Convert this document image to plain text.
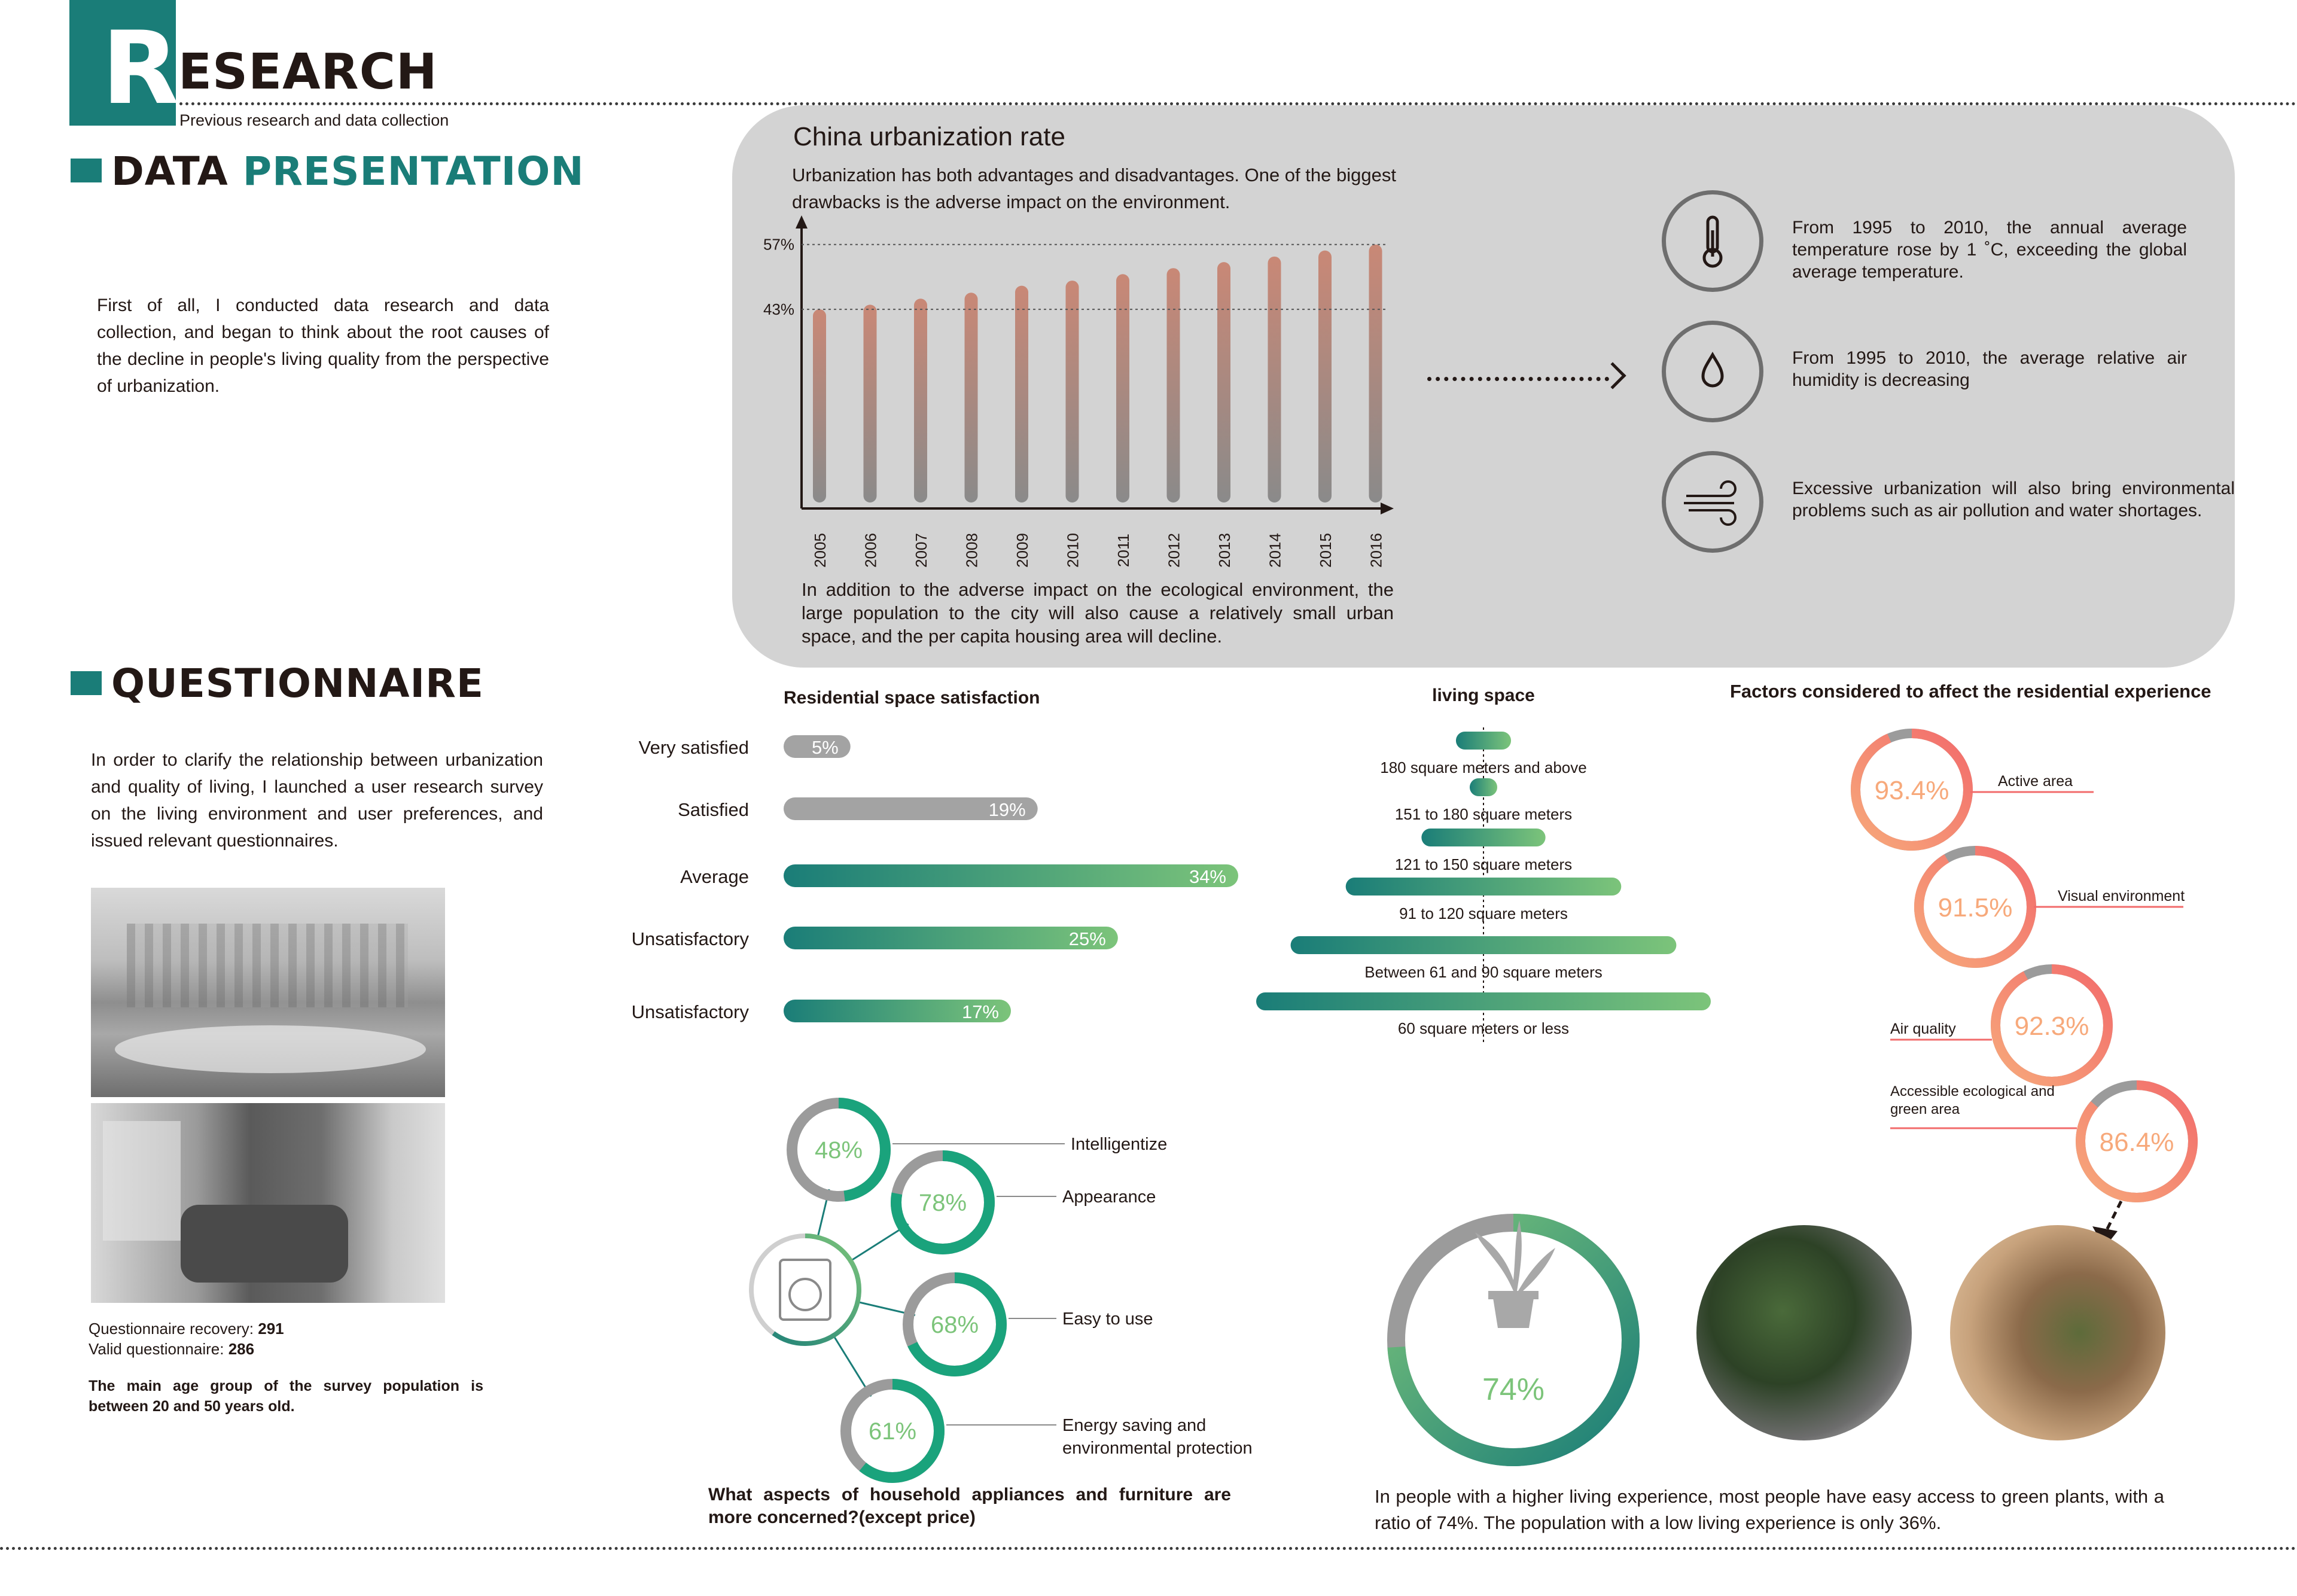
R
ESEARCH
Previous research and data collection
DATA PRESENTATION
First of all, I conducted data research and data collection, and began to think about the root causes of the decline in people's living quality from the perspective of urbanization.
QUESTIONNAIRE
In order to clarify the relationship between urbanization and quality of living, I launched a user research survey on the living environment and user preferences, and issued relevant questionnaires.
Questionnaire recovery: 291
Valid questionnaire: 286
The main age group of the survey population is between 20 and 50 years old.
China urbanization rate
Urbanization has both advantages and disadvantages. One of the biggest drawbacks is the adverse impact on the environment.
57%
43%
2005 2006 2007 2008 2009 2010 2011 2012 2013 2014 2015 2016
In addition to the adverse impact on the ecological environment, the large population to the city will also cause a relatively small urban space, and the per capita housing area will decline.
From 1995 to 2010, the annual average temperature rose by 1 ˚C, exceeding the global average temperature.
From 1995 to 2010, the average relative air humidity is decreasing
Excessive urbanization will also bring environmental problems such as air pollution and water shortages.
Residential space satisfaction
Very satisfied	5%
Satisfied	19%
Average	34%
Unsatisfactory	25%
Unsatisfactory	17%
living space
180 square meters and above
151 to 180 square meters
121 to 150 square meters
91 to 120 square meters
Between 61 and 90 square meters
60 square meters or less
Factors considered to affect the residential experience
93.4%	Active area
91.5%	Visual environment
92.3%
Air quality
86.4%
Accessible ecological and
green area
48%	Intelligentize
78%	Appearance
68%	Easy to use
61%	Energy saving and
environmental protection
What aspects of household appliances and furniture are more concerned?(except price)
74%
In people with a higher living experience, most people have easy access to green plants, with a ratio of 74%. The population with a low living experience is only 36%.
